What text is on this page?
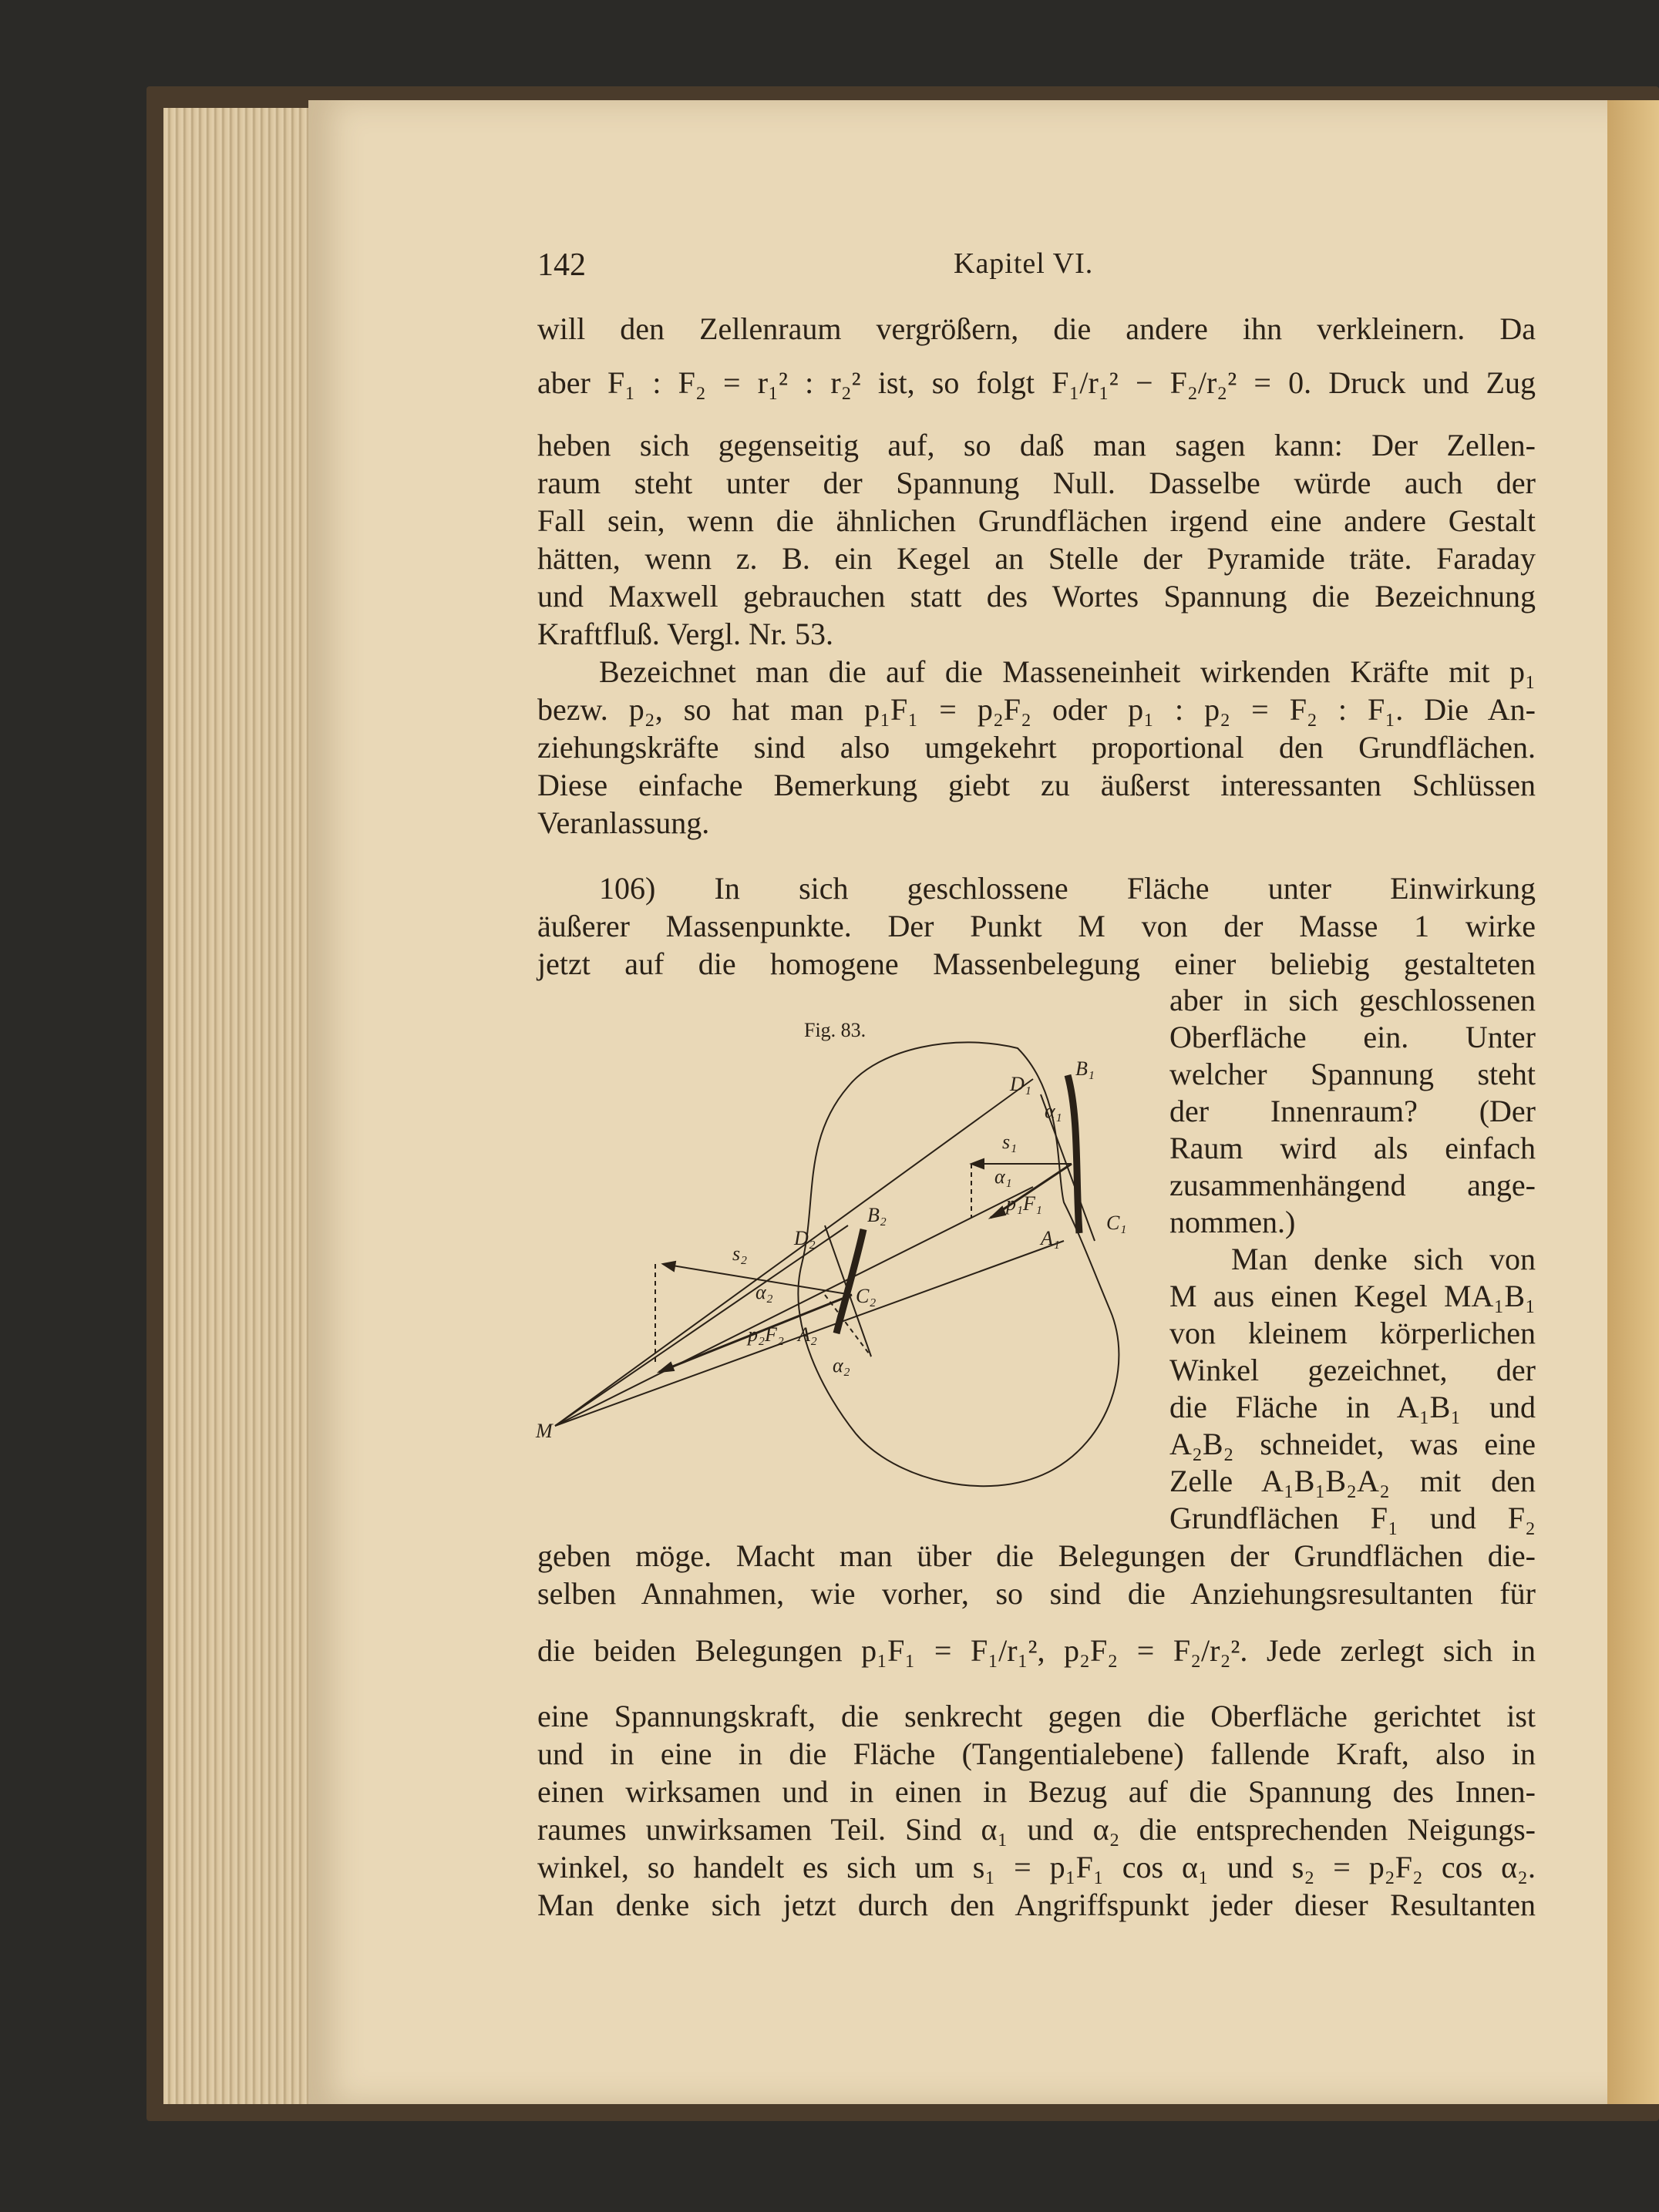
142	Kapitel VI.
will den Zellenraum vergrößern, die andere ihn verkleinern. Da
aber F₁ : F₂ = r₁² : r₂² ist, so folgt F₁/r₁² − F₂/r₂² = 0. Druck und Zug
heben sich gegenseitig auf, so daß man sagen kann: Der Zellen-
raum steht unter der Spannung Null. Dasselbe würde auch der
Fall sein, wenn die ähnlichen Grundflächen irgend eine andere Gestalt
hätten, wenn z. B. ein Kegel an Stelle der Pyramide träte. Faraday
und Maxwell gebrauchen statt des Wortes Spannung die Bezeichnung
Kraftfluß. Vergl. Nr. 53.
Bezeichnet man die auf die Masseneinheit wirkenden Kräfte mit p₁
bezw. p₂, so hat man p₁F₁ = p₂F₂ oder p₁ : p₂ = F₂ : F₁. Die An-
ziehungskräfte sind also umgekehrt proportional den Grundflächen.
Diese einfache Bemerkung giebt zu äußerst interessanten Schlüssen
Veranlassung.
106) In sich geschlossene Fläche unter Einwirkung
äußerer Massenpunkte. Der Punkt M von der Masse 1 wirke
jetzt auf die homogene Massenbelegung einer beliebig gestalteten
aber in sich geschlossenen
Oberfläche ein. Unter
welcher Spannung steht
der Innenraum? (Der
Raum wird als einfach
zusammenhängend ange-
nommen.)
Man denke sich von
M aus einen Kegel MA₁B₁
von kleinem körperlichen
Winkel gezeichnet, der
die Fläche in A₁B₁ und
A₂B₂ schneidet, was eine
Zelle A₁B₁B₂A₂ mit den
Grundflächen F₁ und F₂
geben möge. Macht man über die Belegungen der Grundflächen die-
selben Annahmen, wie vorher, so sind die Anziehungsresultanten für
die beiden Belegungen p₁F₁ = F₁/r₁², p₂F₂ = F₂/r₂². Jede zerlegt sich in
eine Spannungskraft, die senkrecht gegen die Oberfläche gerichtet ist
und in eine in die Fläche (Tangentialebene) fallende Kraft, also in
einen wirksamen und in einen in Bezug auf die Spannung des Innen-
raumes unwirksamen Teil. Sind α₁ und α₂ die entsprechenden Neigungs-
winkel, so handelt es sich um s₁ = p₁F₁ cos α₁ und s₂ = p₂F₂ cos α₂.
Man denke sich jetzt durch den Angriffspunkt jeder dieser Resultanten
Fig. 83.
D₁
B₁
α₁
s₁
α₁
p₁F₁
C₁
A₁
B₂
D₂
s₂
α₂	C₂
p₂F₂ A₂
α₂
M
